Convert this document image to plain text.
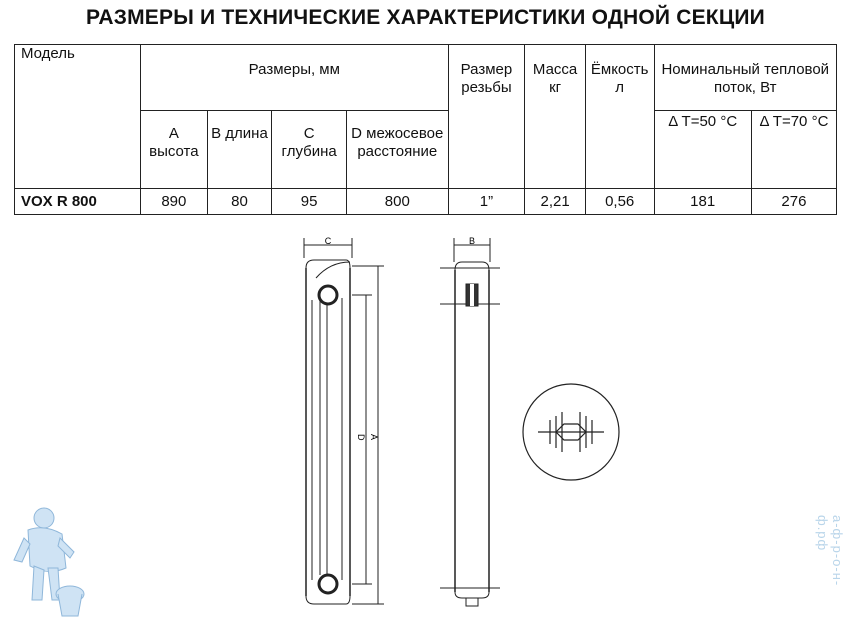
РАЗМЕРЫ И ТЕХНИЧЕСКИЕ ХАРАКТЕРИСТИКИ ОДНОЙ СЕКЦИИ
Модель	Размеры, мм				Размер резьбы	Масса кг	Ёмкость л	Номинальный тепловой поток, Вт	
	A высота	B длина	C глубина	D межосевое расстояние				Δ T=50 °C	Δ T=70 °C
VOX R 800	890	80	95	800	1”	2,21	0,56	181	276
C
D A
B
а-ф-р-о-н-ф.рф
